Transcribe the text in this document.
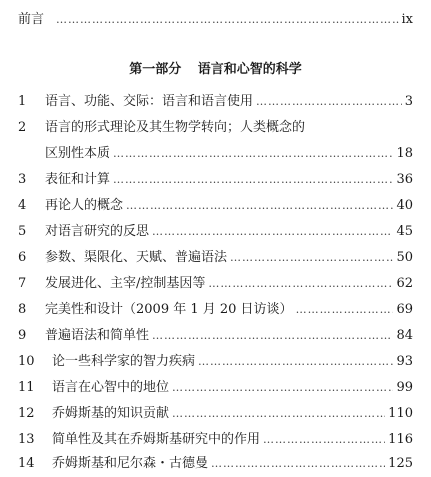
前言 ………………………………………………………………………………………………………………………………………………………………	ix
第一部分 语言和心智的科学
1	语言、功能、交际：语言和语言使用 ………………………………………………………………………………………………………………………………………………………………	3
2	语言的形式理论及其生物学转向；人类概念的
区别性本质 ………………………………………………………………………………………………………………………………………………………………	18
3	表征和计算 ………………………………………………………………………………………………………………………………………………………………	36
4	再论人的概念 ………………………………………………………………………………………………………………………………………………………………	40
5	对语言研究的反思 ………………………………………………………………………………………………………………………………………………………………	45
6	参数、渠限化、天赋、普遍语法 ………………………………………………………………………………………………………………………………………………………………	50
7	发展进化、主宰/控制基因等 ………………………………………………………………………………………………………………………………………………………………	62
8	完美性和设计（2009 年 1 月 20 日访谈） ………………………………………………………………………………………………………………………………………………………………	69
9	普遍语法和简单性 ………………………………………………………………………………………………………………………………………………………………	84
10	论一些科学家的智力疾病 ………………………………………………………………………………………………………………………………………………………………	93
11	语言在心智中的地位 ………………………………………………………………………………………………………………………………………………………………	99
12	乔姆斯基的知识贡献 ………………………………………………………………………………………………………………………………………………………………	110
13	简单性及其在乔姆斯基研究中的作用 ………………………………………………………………………………………………………………………………………………………………	116
14	乔姆斯基和尼尔森・古德曼 ………………………………………………………………………………………………………………………………………………………………	125
